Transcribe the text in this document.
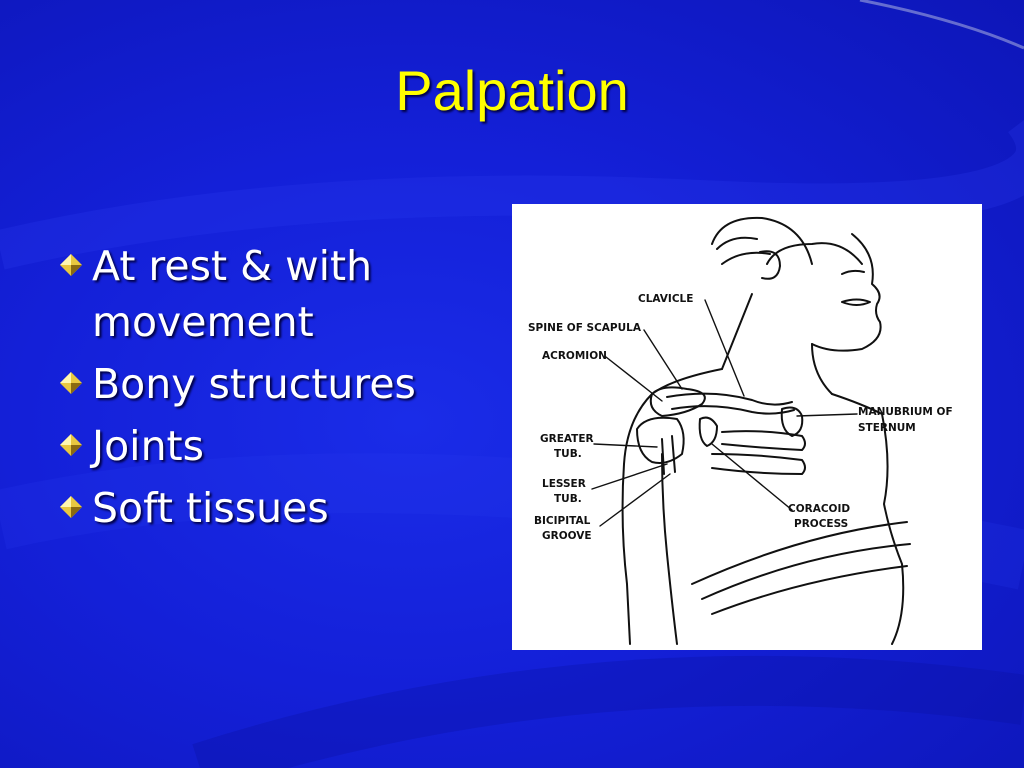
Palpation
At rest & with movement
Bony structures
Joints
Soft tissues
CLAVICLE
SPINE OF SCAPULA
ACROMION
MANUBRIUM OF
STERNUM
GREATER
TUB.
LESSER
TUB.
BICIPITAL
GROOVE
CORACOID
PROCESS
